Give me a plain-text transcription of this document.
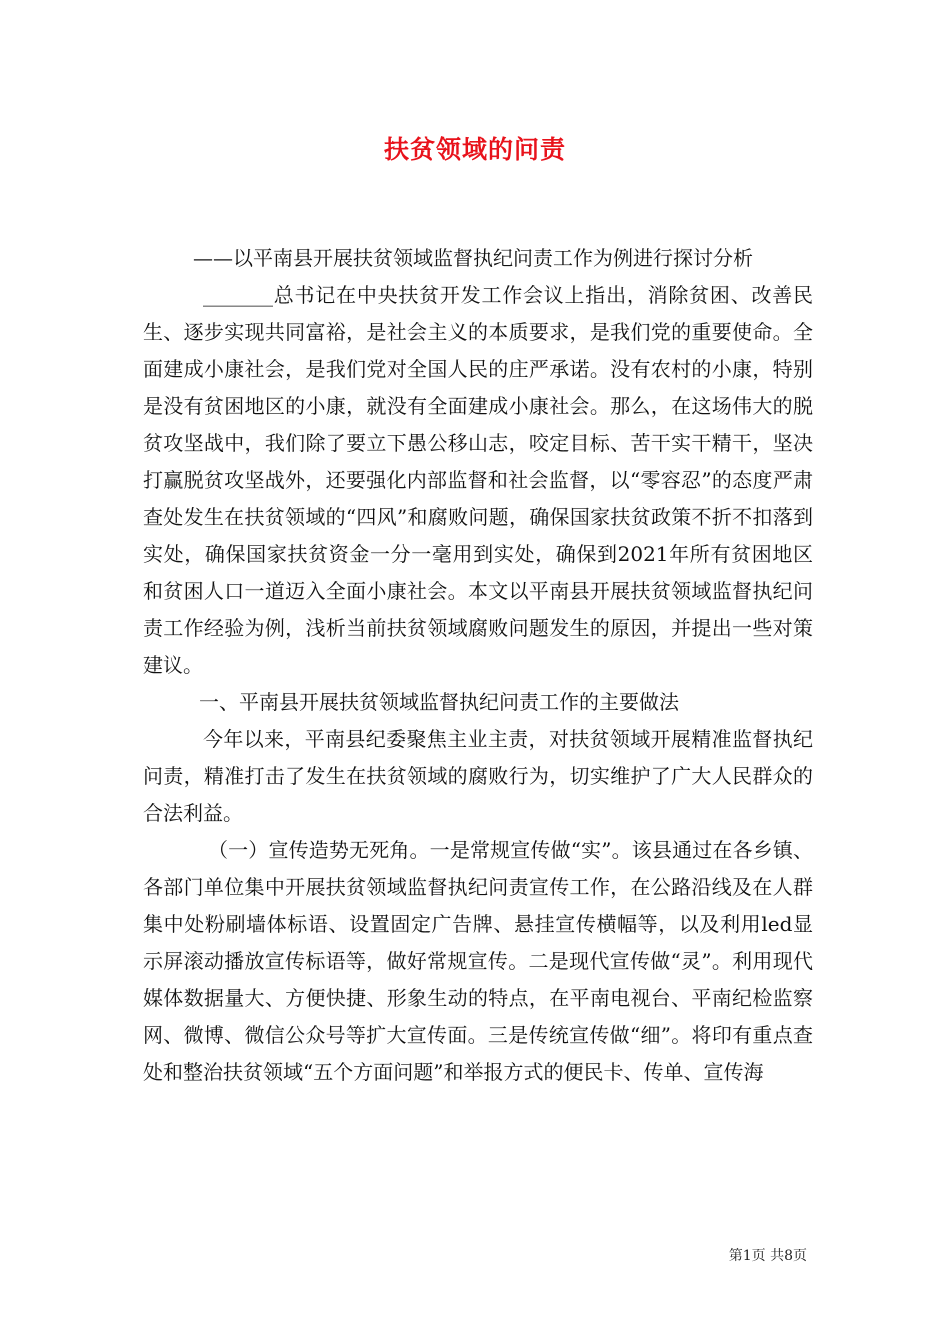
扶贫领域的问责

——以平南县开展扶贫领域监督执纪问责工作为例进行探讨分析

_______总书记在中央扶贫开发工作会议上指出，消除贫困、改善民生、逐步实现共同富裕，是社会主义的本质要求，是我们党的重要使命。全面建成小康社会，是我们党对全国人民的庄严承诺。没有农村的小康，特别是没有贫困地区的小康，就没有全面建成小康社会。那么，在这场伟大的脱贫攻坚战中，我们除了要立下愚公移山志，咬定目标、苦干实干精干，坚决打赢脱贫攻坚战外，还要强化内部监督和社会监督，以“零容忍”的态度严肃查处发生在扶贫领域的“四风”和腐败问题，确保国家扶贫政策不折不扣落到实处，确保国家扶贫资金一分一毫用到实处，确保到2021年所有贫困地区和贫困人口一道迈入全面小康社会。本文以平南县开展扶贫领域监督执纪问责工作经验为例，浅析当前扶贫领域腐败问题发生的原因，并提出一些对策建议。

一、平南县开展扶贫领域监督执纪问责工作的主要做法

今年以来，平南县纪委聚焦主业主责，对扶贫领域开展精准监督执纪问责，精准打击了发生在扶贫领域的腐败行为，切实维护了广大人民群众的合法利益。

（一）宣传造势无死角。一是常规宣传做“实”。该县通过在各乡镇、各部门单位集中开展扶贫领域监督执纪问责宣传工作，在公路沿线及在人群集中处粉刷墙体标语、设置固定广告牌、悬挂宣传横幅等，以及利用led显示屏滚动播放宣传标语等，做好常规宣传。二是现代宣传做“灵”。利用现代媒体数据量大、方便快捷、形象生动的特点，在平南电视台、平南纪检监察网、微博、微信公众号等扩大宣传面。三是传统宣传做“细”。将印有重点查处和整治扶贫领域“五个方面问题”和举报方式的便民卡、传单、宣传海

第1页 共8页
